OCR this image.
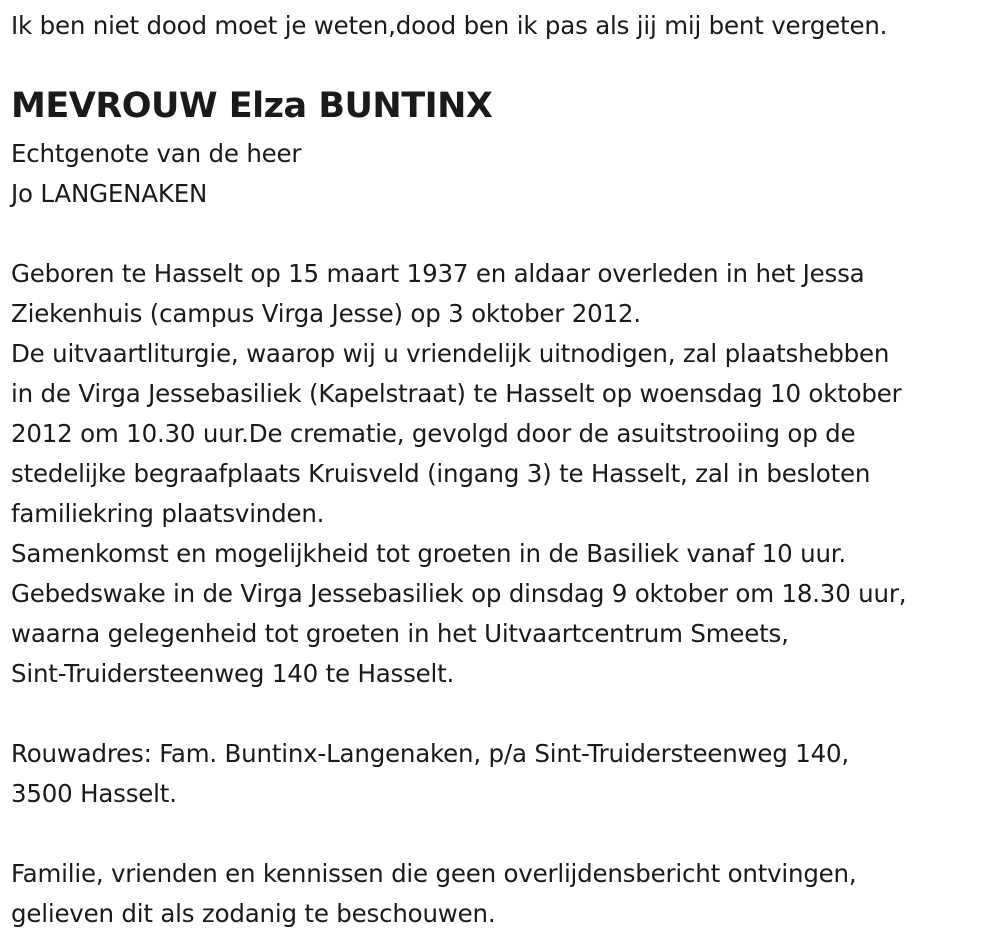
Ik ben niet dood moet je weten,dood ben ik pas als jij mij bent vergeten.
MEVROUW Elza BUNTINX
Echtgenote van de heer
Jo LANGENAKEN
Geboren te Hasselt op 15 maart 1937 en aldaar overleden in het Jessa
Ziekenhuis (campus Virga Jesse) op 3 oktober 2012.
De uitvaartliturgie, waarop wij u vriendelijk uitnodigen, zal plaatshebben
in de Virga Jessebasiliek (Kapelstraat) te Hasselt op woensdag 10 oktober
2012 om 10.30 uur.De crematie, gevolgd door de asuitstrooiing op de
stedelijke begraafplaats Kruisveld (ingang 3) te Hasselt, zal in besloten
familiekring plaatsvinden.
Samenkomst en mogelijkheid tot groeten in de Basiliek vanaf 10 uur.
Gebedswake in de Virga Jessebasiliek op dinsdag 9 oktober om 18.30 uur,
waarna gelegenheid tot groeten in het Uitvaartcentrum Smeets,
Sint-Truidersteenweg 140 te Hasselt.
Rouwadres: Fam. Buntinx-Langenaken, p/a Sint-Truidersteenweg 140,
3500 Hasselt.
Familie, vrienden en kennissen die geen overlijdensbericht ontvingen,
gelieven dit als zodanig te beschouwen.
